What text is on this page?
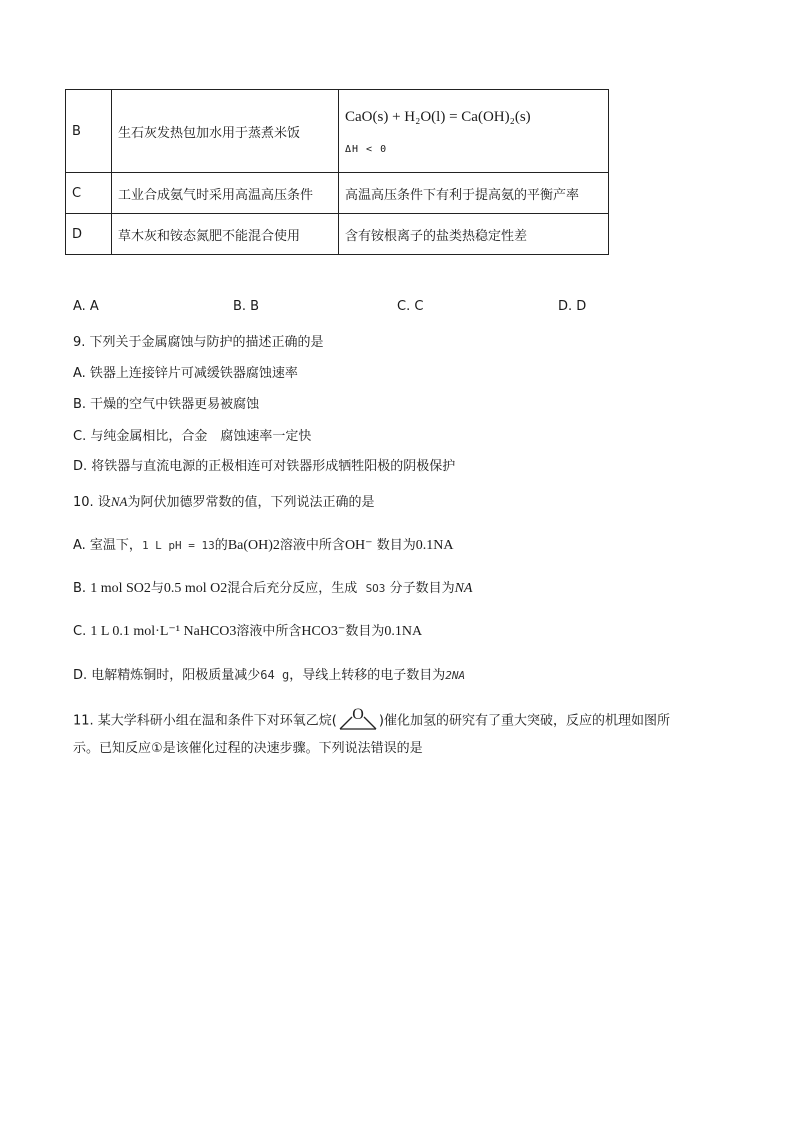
B	生石灰发热包加水用于蒸煮米饭	CaO(s) + H₂O(l) = Ca(OH)₂(s)
ΔH < 0

C	工业合成氨气时采用高温高压条件	高温高压条件下有利于提高氨的平衡产率
D	草木灰和铵态氮肥不能混合使用	含有铵根离子的盐类热稳定性差
A. A	B. B	C. C	D. D
9. 下列关于金属腐蚀与防护的描述正确的是
A. 铁器上连接锌片可减缓铁器腐蚀速率
B. 干燥的空气中铁器更易被腐蚀
C. 与纯金属相比，合金　腐蚀速率一定快
D. 将铁器与直流电源的正极相连可对铁器形成牺牲阳极的阴极保护
10. 设NA为阿伏加德罗常数的值，下列说法正确的是
A. 室温下，1 L pH = 13的Ba(OH)2溶液中所含OH⁻ 数目为0.1NA
B. 1 mol SO2与0.5 mol O2混合后充分反应，生成 SO3 分子数目为NA
C. 1 L 0.1 mol·L⁻¹ NaHCO3溶液中所含HCO3⁻数目为0.1NA
D. 电解精炼铜时，阳极质量减少64 g，导线上转移的电子数目为2NA
11. 某大学科研小组在温和条件下对环氧乙烷( O )催化加氢的研究有了重大突破，反应的机理如图所
示。已知反应①是该催化过程的决速步骤。下列说法错误的是
